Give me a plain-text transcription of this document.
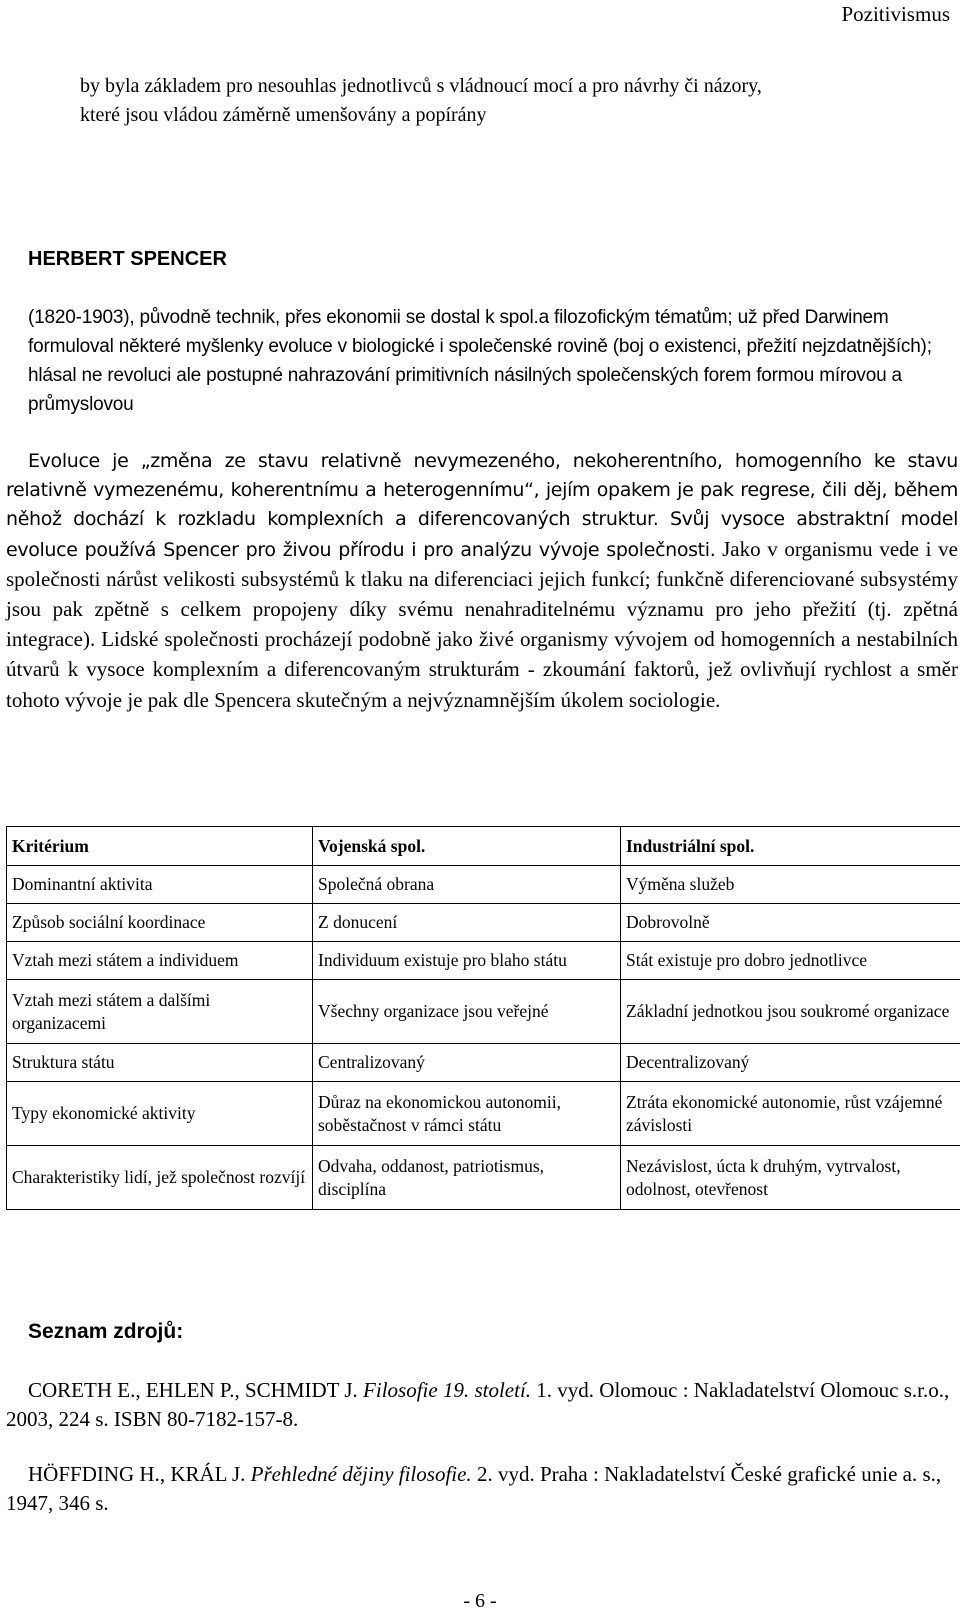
Pozitivismus
by byla základem pro nesouhlas jednotlivců s vládnoucí mocí a pro návrhy či názory,
které jsou vládou záměrně umenšovány a popírány
HERBERT SPENCER
(1820-1903), původně technik, přes ekonomii se dostal k spol.a filozofickým tématům; už před Darwinem formuloval některé myšlenky evoluce v biologické i společenské rovině (boj o existenci, přežití nejzdatnějších); hlásal ne revoluci ale postupné nahrazování primitivních násilných společenských forem formou mírovou a průmyslovou
Evoluce je „změna ze stavu relativně nevymezeného, nekoherentního, homogenního ke stavu relativně vymezenému, koherentnímu a heterogennímu“, jejím opakem je pak regrese, čili děj, během něhož dochází k rozkladu komplexních a diferencovaných struktur. Svůj vysoce abstraktní model evoluce používá Spencer pro živou přírodu i pro analýzu vývoje společnosti. Jako v organismu vede i ve společnosti nárůst velikosti subsystémů k tlaku na diferenciaci jejich funkcí; funkčně diferenciované subsystémy jsou pak zpětně s celkem propojeny díky svému nenahraditelnému významu pro jeho přežití (tj. zpětná integrace). Lidské společnosti procházejí podobně jako živé organismy vývojem od homogenních a nestabilních útvarů k vysoce komplexním a diferencovaným strukturám - zkoumání faktorů, jež ovlivňují rychlost a směr tohoto vývoje je pak dle Spencera skutečným a nejvýznamnějším úkolem sociologie.
Kritérium	Vojenská spol.	Industriální spol.
Dominantní aktivita	Společná obrana	Výměna služeb
Způsob sociální koordinace	Z donucení	Dobrovolně
Vztah mezi státem a individuem	Individuum existuje pro blaho státu	Stát existuje pro dobro jednotlivce
Vztah mezi státem a dalšími organizacemi	Všechny organizace jsou veřejné	Základní jednotkou jsou soukromé organizace
Struktura státu	Centralizovaný	Decentralizovaný
Typy ekonomické aktivity	Důraz na ekonomickou autonomii, soběstačnost v rámci státu	Ztráta ekonomické autonomie, růst vzájemné závislosti
Charakteristiky lidí, jež společnost rozvíjí	Odvaha, oddanost, patriotismus, disciplína	Nezávislost, úcta k druhým, vytrvalost, odolnost, otevřenost
Seznam zdrojů:
CORETH E., EHLEN P., SCHMIDT J. Filosofie 19. století. 1. vyd. Olomouc : Nakladatelství Olomouc s.r.o., 2003, 224 s. ISBN 80-7182-157-8.
HÖFFDING H., KRÁL J. Přehledné dějiny filosofie. 2. vyd. Praha : Nakladatelství České grafické unie a. s., 1947, 346 s.
- 6 -
